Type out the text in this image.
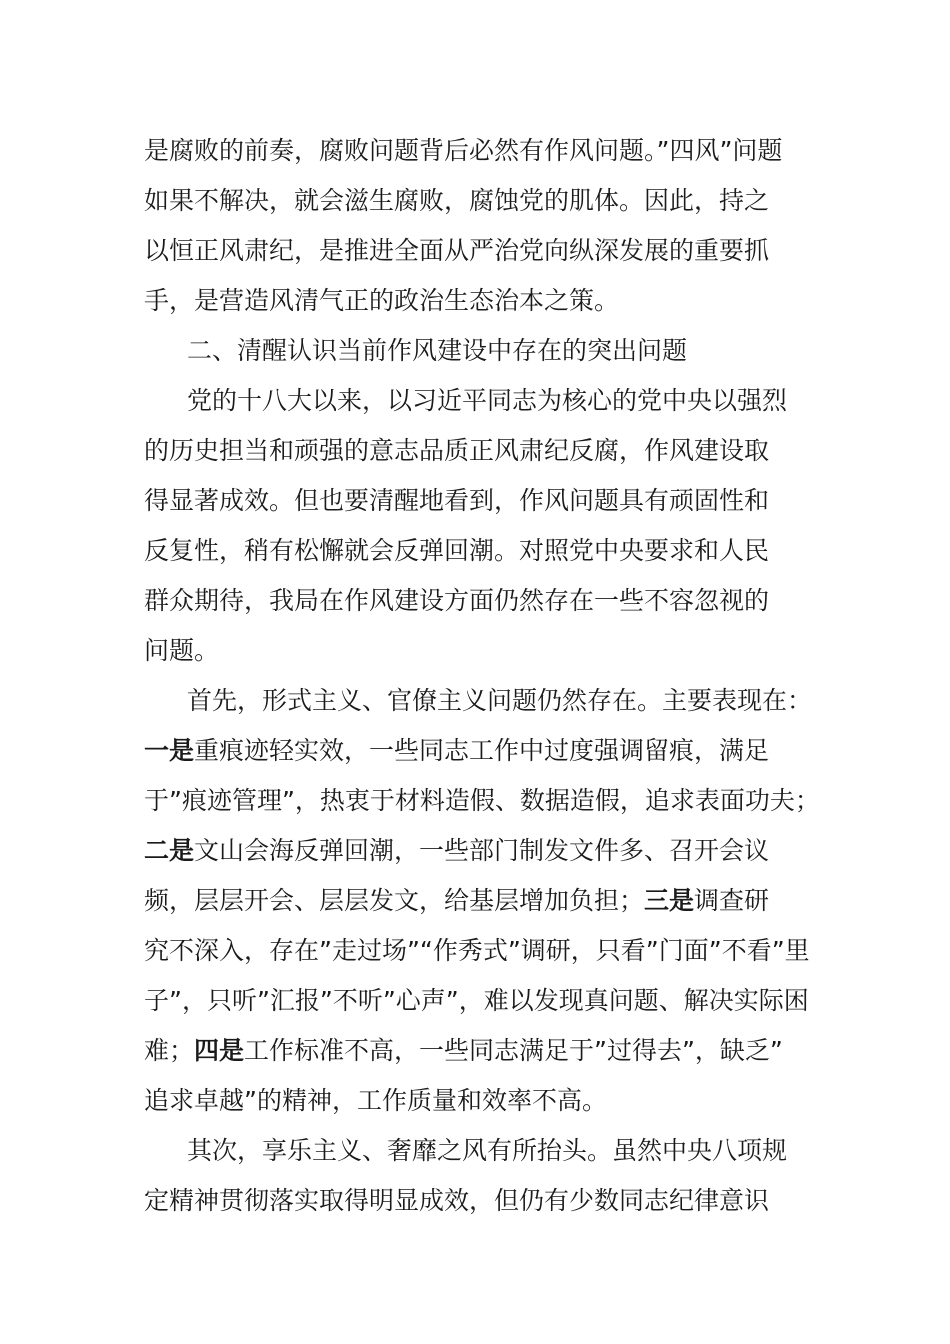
是腐败的前奏，腐败问题背后必然有作风问题。”四风”问题
如果不解决，就会滋生腐败，腐蚀党的肌体。因此，持之
以恒正风肃纪，是推进全面从严治党向纵深发展的重要抓
手，是营造风清气正的政治生态治本之策。
二、清醒认识当前作风建设中存在的突出问题
党的十八大以来，以习近平同志为核心的党中央以强烈
的历史担当和顽强的意志品质正风肃纪反腐，作风建设取
得显著成效。但也要清醒地看到，作风问题具有顽固性和
反复性，稍有松懈就会反弹回潮。对照党中央要求和人民
群众期待，我局在作风建设方面仍然存在一些不容忽视的
问题。
首先，形式主义、官僚主义问题仍然存在。主要表现在：
一是重痕迹轻实效，一些同志工作中过度强调留痕，满足
于”痕迹管理”，热衷于材料造假、数据造假，追求表面功夫；
二是文山会海反弹回潮，一些部门制发文件多、召开会议
频，层层开会、层层发文，给基层增加负担；三是调查研
究不深入，存在”走过场”“作秀式”调研，只看”门面”不看”里
子”，只听”汇报”不听”心声”，难以发现真问题、解决实际困
难；四是工作标准不高，一些同志满足于”过得去”，缺乏”
追求卓越”的精神，工作质量和效率不高。
其次，享乐主义、奢靡之风有所抬头。虽然中央八项规
定精神贯彻落实取得明显成效，但仍有少数同志纪律意识
